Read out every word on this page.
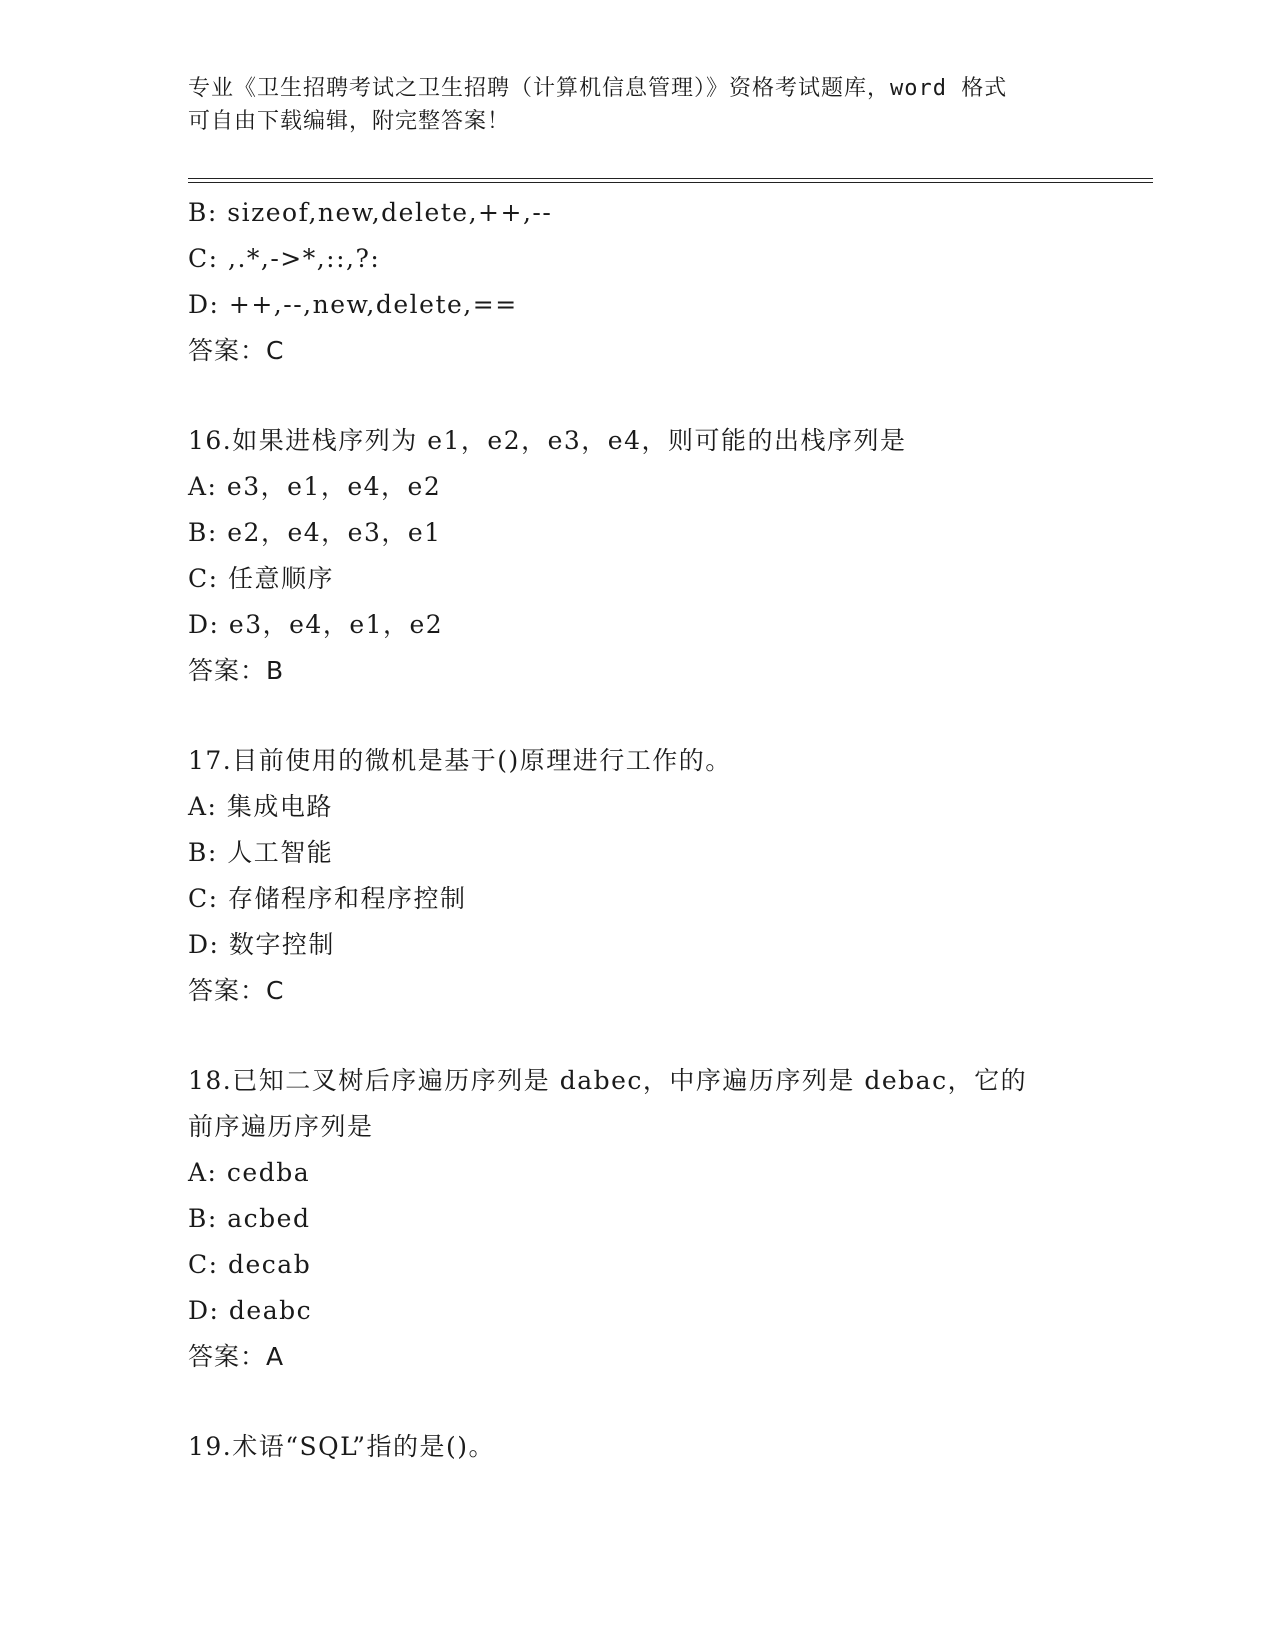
专业《卫生招聘考试之卫生招聘（计算机信息管理）》资格考试题库，word 格式
可自由下载编辑，附完整答案！
B: sizeof,new,delete,++,--
C: ,.*,->*,::,?:
D: ++,--,new,delete,==
答案：C
16.如果进栈序列为 e1，e2，e3，e4，则可能的出栈序列是
A: e3，e1，e4，e2
B: e2，e4，e3，e1
C: 任意顺序
D: e3，e4，e1，e2
答案：B
17.目前使用的微机是基于()原理进行工作的。
A: 集成电路
B: 人工智能
C: 存储程序和程序控制
D: 数字控制
答案：C
18.已知二叉树后序遍历序列是 dabec，中序遍历序列是 debac，它的
前序遍历序列是
A: cedba
B: acbed
C: decab
D: deabc
答案：A
19.术语“SQL”指的是()。
